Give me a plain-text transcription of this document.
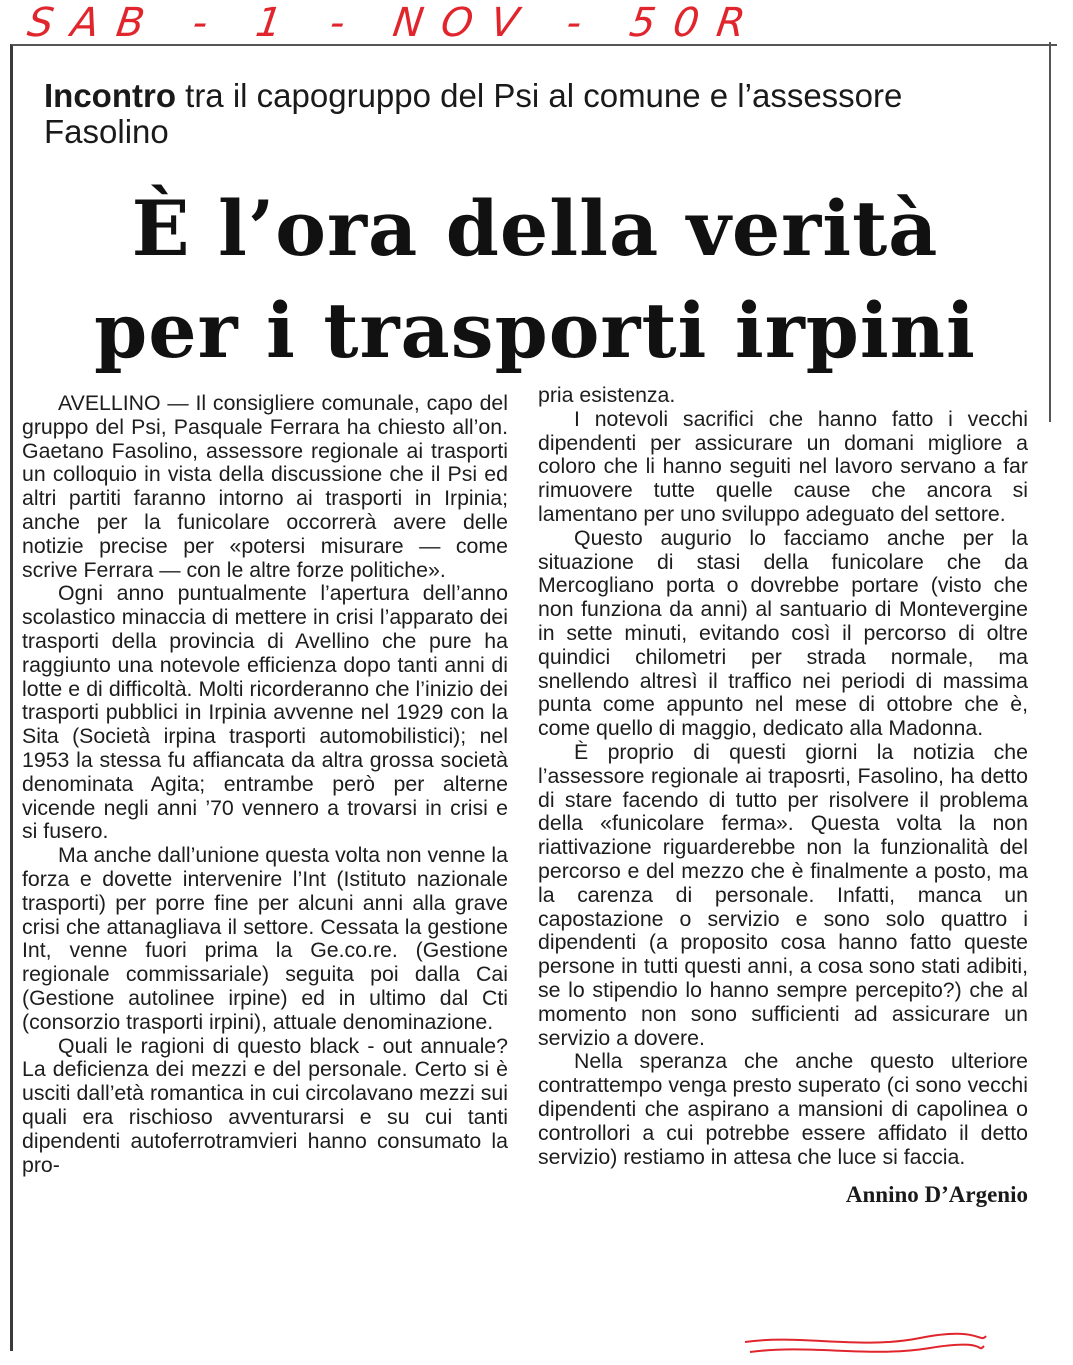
SAB - 1 - NOV - 50R
Incontro tra il capogruppo del Psi al comune e l’assessore Fasolino
È l’ora della verità
per i trasporti irpini

AVELLINO — Il consigliere comunale, capo del gruppo del Psi, Pasquale Ferrara ha chiesto all’on. Gaetano Fasolino, assessore regionale ai trasporti un colloquio in vista della discussione che il Psi ed altri partiti faranno intorno ai trasporti in Irpinia; anche per la funicolare occorrerà avere delle notizie precise per «potersi misurare — come scrive Ferrara — con le altre forze politiche».

Ogni anno puntualmente l’apertura dell’anno scolastico minaccia di mettere in crisi l’apparato dei trasporti della provincia di Avellino che pure ha raggiunto una notevole efficienza dopo tanti anni di lotte e di difficoltà. Molti ricorderanno che l’inizio dei trasporti pubblici in Irpinia avvenne nel 1929 con la Sita (Società irpina trasporti automobilistici); nel 1953 la stessa fu affiancata da altra grossa società denominata Agita; entrambe però per alterne vicende negli anni ’70 vennero a trovarsi in crisi e si fusero.

Ma anche dall’unione questa volta non venne la forza e dovette intervenire l’Int (Istituto nazionale trasporti) per porre fine per alcuni anni alla grave crisi che attanagliava il settore. Cessata la gestione Int, venne fuori prima la Ge.co.re. (Gestione regionale commissariale) seguita poi dalla Cai (Gestione autolinee irpine) ed in ultimo dal Cti (consorzio trasporti irpini), attuale denominazione.

Quali le ragioni di questo black - out annuale? La deficienza dei mezzi e del personale. Certo si è usciti dall’età romantica in cui circolavano mezzi sui quali era rischioso avventurarsi e su cui tanti dipendenti autoferrotramvieri hanno consumato la pro-

pria esistenza.

I notevoli sacrifici che hanno fatto i vecchi dipendenti per assicurare un domani migliore a coloro che li hanno seguiti nel lavoro servano a far rimuovere tutte quelle cause che ancora si lamentano per uno sviluppo adeguato del settore.

Questo augurio lo facciamo anche per la situazione di stasi della funicolare che da Mercogliano porta o dovrebbe portare (visto che non funziona da anni) al santuario di Montevergine in sette minuti, evitando così il percorso di oltre quindici chilometri per strada normale, ma snellendo altresì il traffico nei periodi di massima punta come appunto nel mese di ottobre che è, come quello di maggio, dedicato alla Madonna.

È proprio di questi giorni la notizia che l’assessore regionale ai traposrti, Fasolino, ha detto di stare facendo di tutto per risolvere il problema della «funicolare ferma». Questa volta la non riattivazione riguarderebbe non la funzionalità del percorso e del mezzo che è finalmente a posto, ma la carenza di personale. Infatti, manca un capostazione o servizio e sono solo quattro i dipendenti (a proposito cosa hanno fatto queste persone in tutti questi anni, a cosa sono stati adibiti, se lo stipendio lo hanno sempre percepito?) che al momento non sono sufficienti ad assicurare un servizio a dovere.

Nella speranza che anche questo ulteriore contrattempo venga presto superato (ci sono vecchi dipendenti che aspirano a mansioni di capolinea o controllori a cui potrebbe essere affidato il detto servizio) restiamo in attesa che luce si faccia.

Annino D’Argenio
